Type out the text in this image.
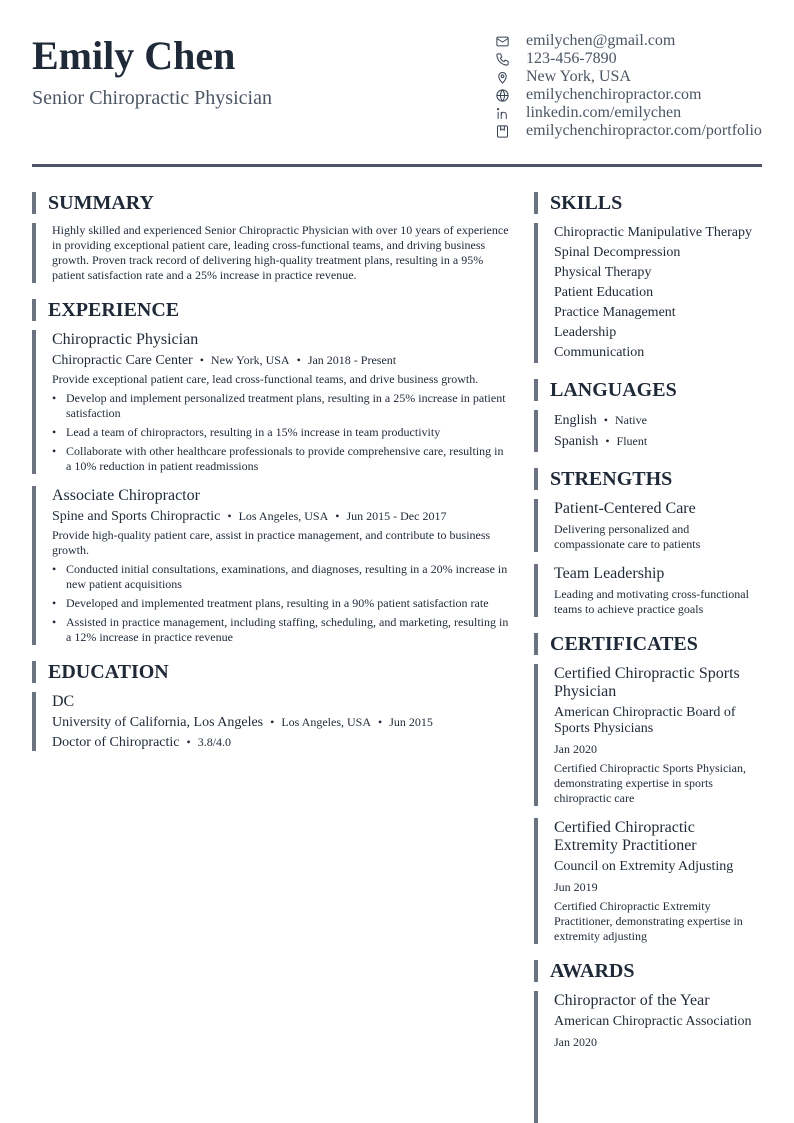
Emily Chen
Senior Chiropractic Physician
emilychen@gmail.com
123-456-7890
New York, USA
emilychenchiropractor.com
linkedin.com/emilychen
emilychenchiropractor.com/portfolio
SUMMARY

Highly skilled and experienced Senior Chiropractic Physician with over 10 years of experience in providing exceptional patient care, leading cross-functional teams, and driving business growth. Proven track record of delivering high-quality treatment plans, resulting in a 95% patient satisfaction rate and a 25% increase in practice revenue.

EXPERIENCE
Chiropractic Physician
Chiropractic Care Center • New York, USA • Jan 2018 - Present

Provide exceptional patient care, lead cross-functional teams, and drive business growth.

• Develop and implement personalized treatment plans, resulting in a 25% increase in patient satisfaction
• Lead a team of chiropractors, resulting in a 15% increase in team productivity
• Collaborate with other healthcare professionals to provide comprehensive care, resulting in a 10% reduction in patient readmissions
Associate Chiropractor
Spine and Sports Chiropractic • Los Angeles, USA • Jun 2015 - Dec 2017

Provide high-quality patient care, assist in practice management, and contribute to business growth.

• Conducted initial consultations, examinations, and diagnoses, resulting in a 20% increase in new patient acquisitions
• Developed and implemented treatment plans, resulting in a 90% patient satisfaction rate
• Assisted in practice management, including staffing, scheduling, and marketing, resulting in a 12% increase in practice revenue
EDUCATION
DC
University of California, Los Angeles • Los Angeles, USA • Jun 2015
Doctor of Chiropractic • 3.8/4.0
SKILLS
Chiropractic Manipulative Therapy
Spinal Decompression
Physical Therapy
Patient Education
Practice Management
Leadership
Communication
LANGUAGES
English • Native
Spanish • Fluent
STRENGTHS
Patient-Centered Care
Delivering personalized and compassionate care to patients
Team Leadership
Leading and motivating cross-functional teams to achieve practice goals
CERTIFICATES
Certified Chiropractic Sports Physician
American Chiropractic Board of Sports Physicians
Jan 2020
Certified Chiropractic Sports Physician, demonstrating expertise in sports chiropractic care
Certified Chiropractic Extremity Practitioner
Council on Extremity Adjusting
Jun 2019
Certified Chiropractic Extremity Practitioner, demonstrating expertise in extremity adjusting
AWARDS
Chiropractor of the Year
American Chiropractic Association
Jan 2020
